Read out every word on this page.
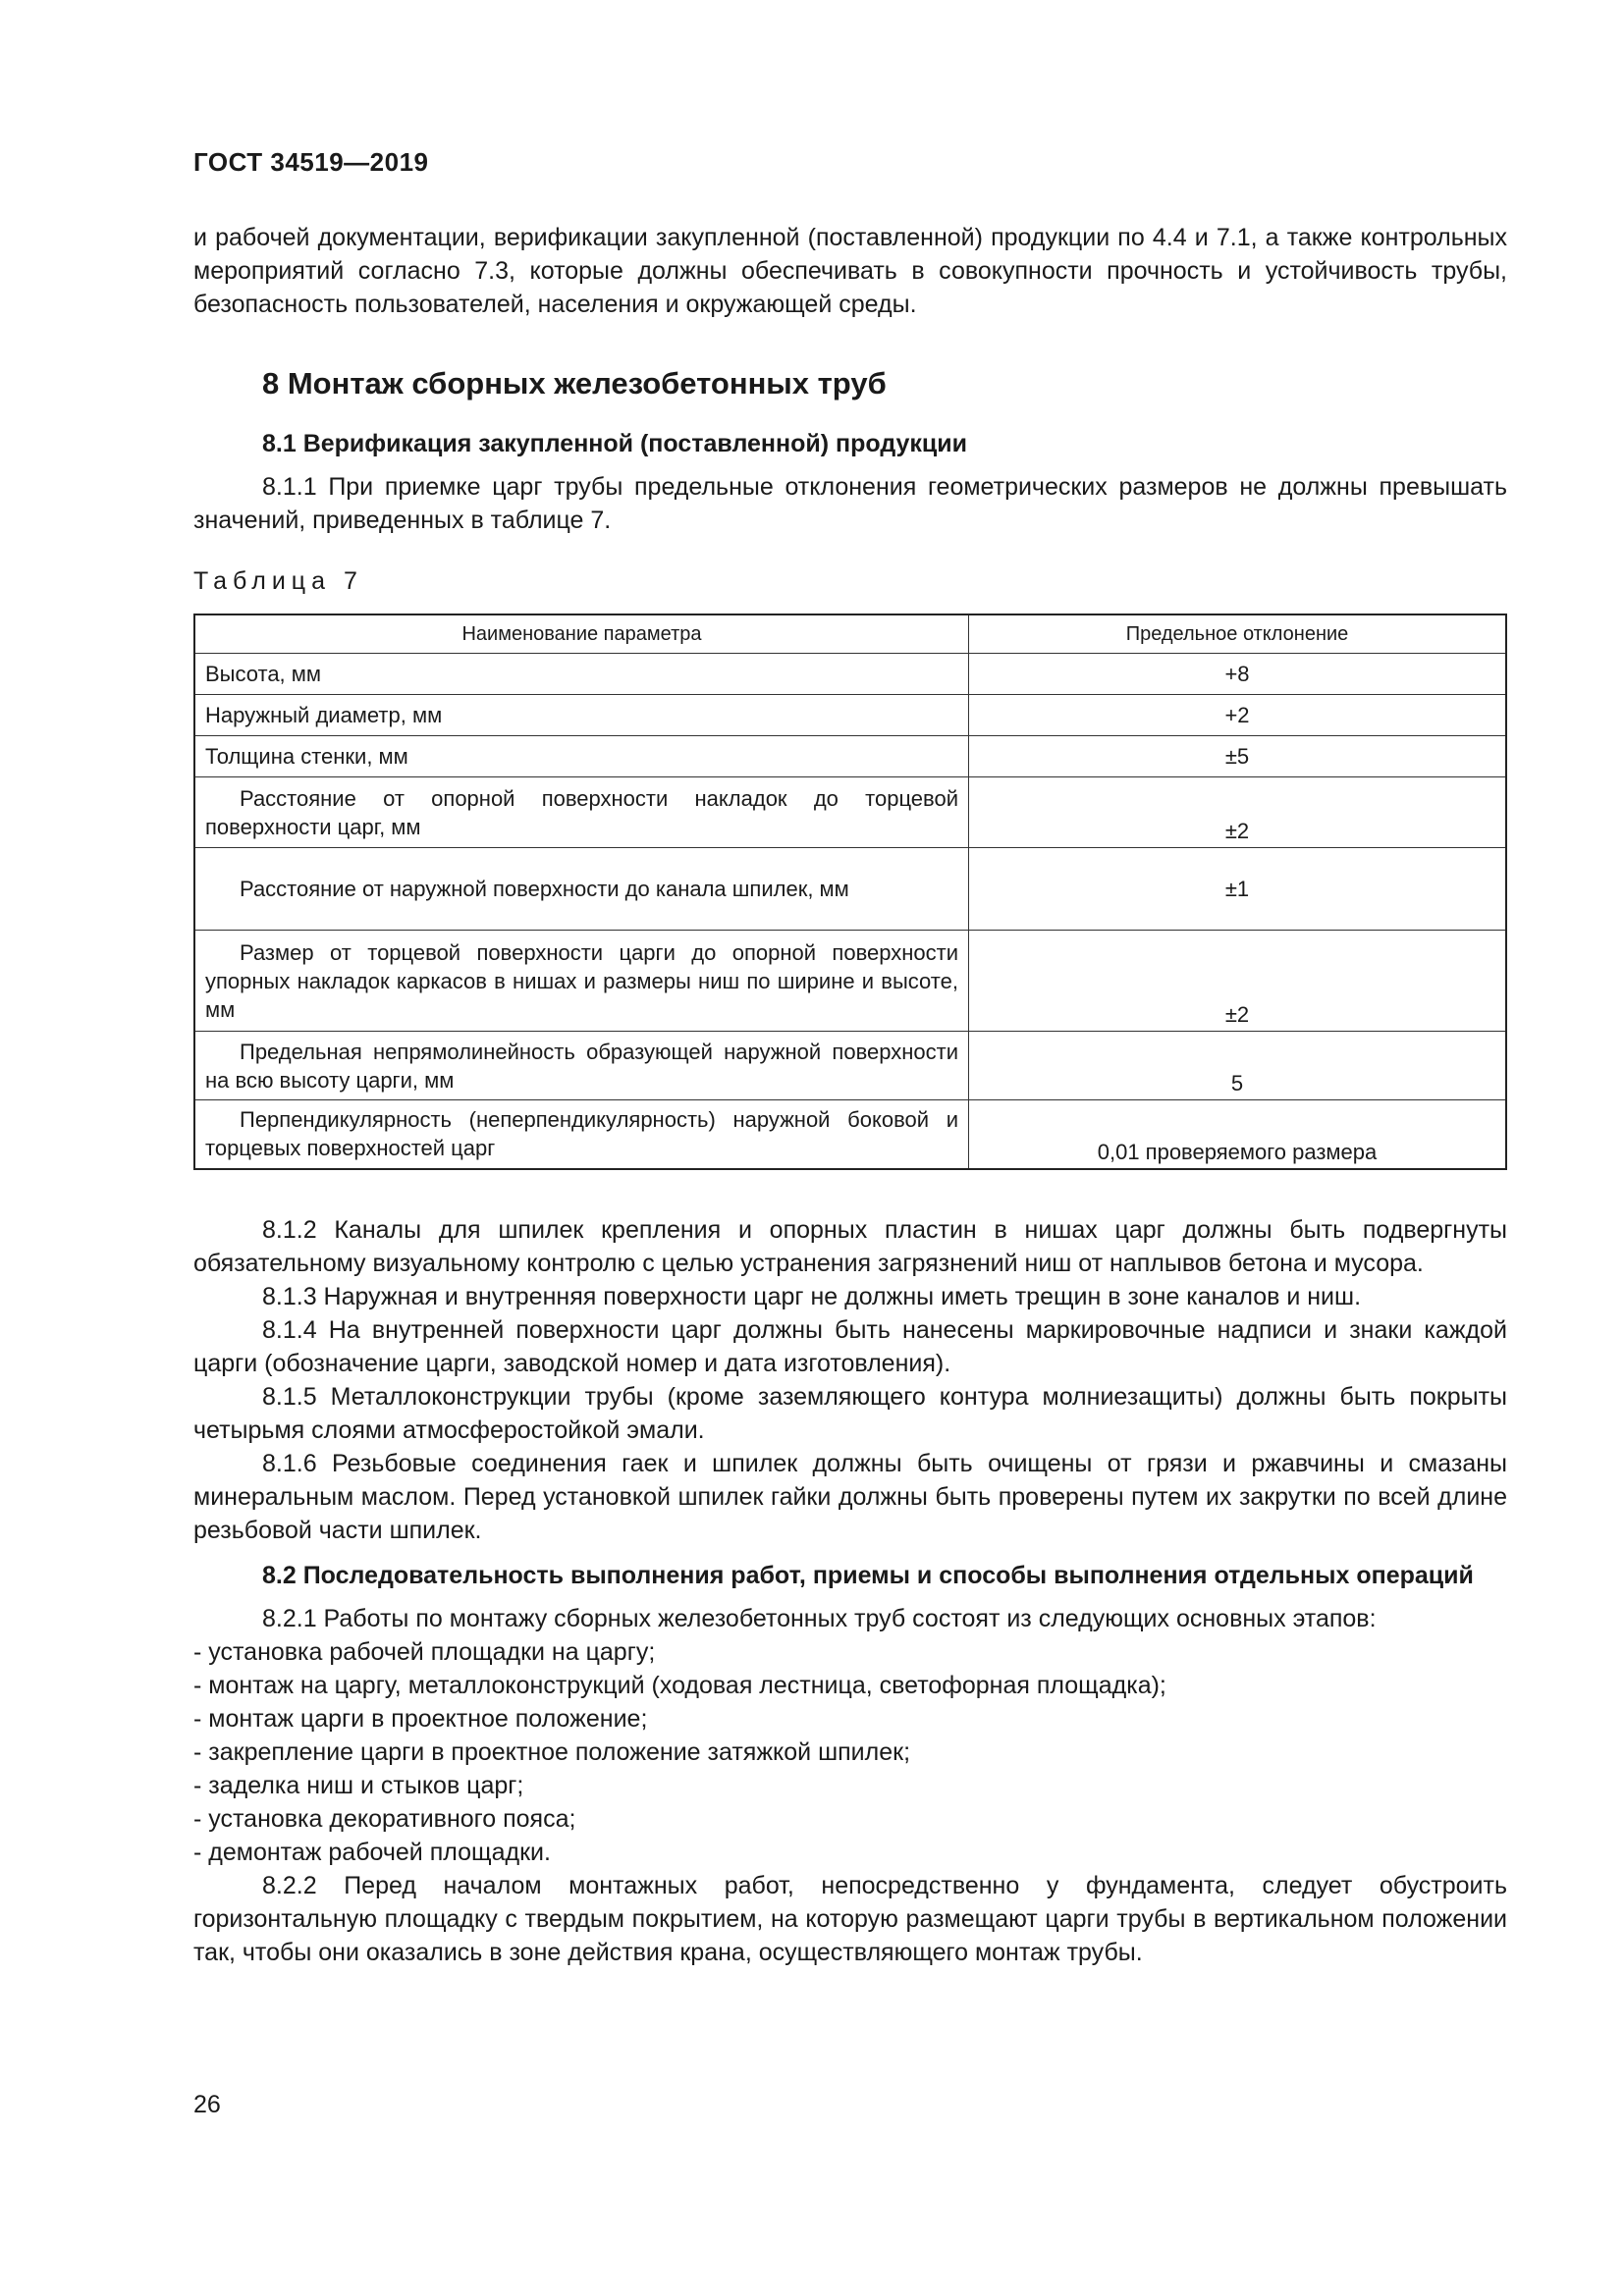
ГОСТ 34519—2019

и рабочей документации, верификации закупленной (поставленной) продукции по 4.4 и 7.1, а также контрольных мероприятий согласно 7.3, которые должны обеспечивать в совокупности прочность и устойчивость трубы, безопасность пользователей, населения и окружающей среды.

8 Монтаж сборных железобетонных труб
8.1 Верификация закупленной (поставленной) продукции

8.1.1 При приемке царг трубы предельные отклонения геометрических размеров не должны превышать значений, приведенных в таблице 7.

Таблица 7
Наименование параметра	Предельное отклонение
Высота, мм	+8
Наружный диаметр, мм	+2
Толщина стенки, мм	±5

Расстояние от опорной поверхности накладок до торцевой поверхности царг, мм	±2

Расстояние от наружной поверхности до канала шпилек, мм	±1

Размер от торцевой поверхности царги до опорной поверхности упорных накладок каркасов в нишах и размеры ниш по ширине и высоте, мм	±2

Предельная непрямолинейность образующей наружной поверхности на всю высоту царги, мм	5

Перпендикулярность (неперпендикулярность) наружной боковой и торцевых поверхностей царг	0,01 проверяемого размера

8.1.2 Каналы для шпилек крепления и опорных пластин в нишах царг должны быть подвергнуты обязательному визуальному контролю с целью устранения загрязнений ниш от наплывов бетона и мусора.

8.1.3 Наружная и внутренняя поверхности царг не должны иметь трещин в зоне каналов и ниш.

8.1.4 На внутренней поверхности царг должны быть нанесены маркировочные надписи и знаки каждой царги (обозначение царги, заводской номер и дата изготовления).

8.1.5 Металлоконструкции трубы (кроме заземляющего контура молниезащиты) должны быть покрыты четырьмя слоями атмосферостойкой эмали.

8.1.6 Резьбовые соединения гаек и шпилек должны быть очищены от грязи и ржавчины и смазаны минеральным маслом. Перед установкой шпилек гайки должны быть проверены путем их закрутки по всей длине резьбовой части шпилек.

8.2 Последовательность выполнения работ, приемы и способы выполнения отдельных операций

8.2.1 Работы по монтажу сборных железобетонных труб состоят из следующих основных этапов:

- установка рабочей площадки на царгу;
- монтаж на царгу, металлоконструкций (ходовая лестница, светофорная площадка);
- монтаж царги в проектное положение;
- закрепление царги в проектное положение затяжкой шпилек;
- заделка ниш и стыков царг;
- установка декоративного пояса;
- демонтаж рабочей площадки.

8.2.2 Перед началом монтажных работ, непосредственно у фундамента, следует обустроить горизонтальную площадку с твердым покрытием, на которую размещают царги трубы в вертикальном положении так, чтобы они оказались в зоне действия крана, осуществляющего монтаж трубы.

26
